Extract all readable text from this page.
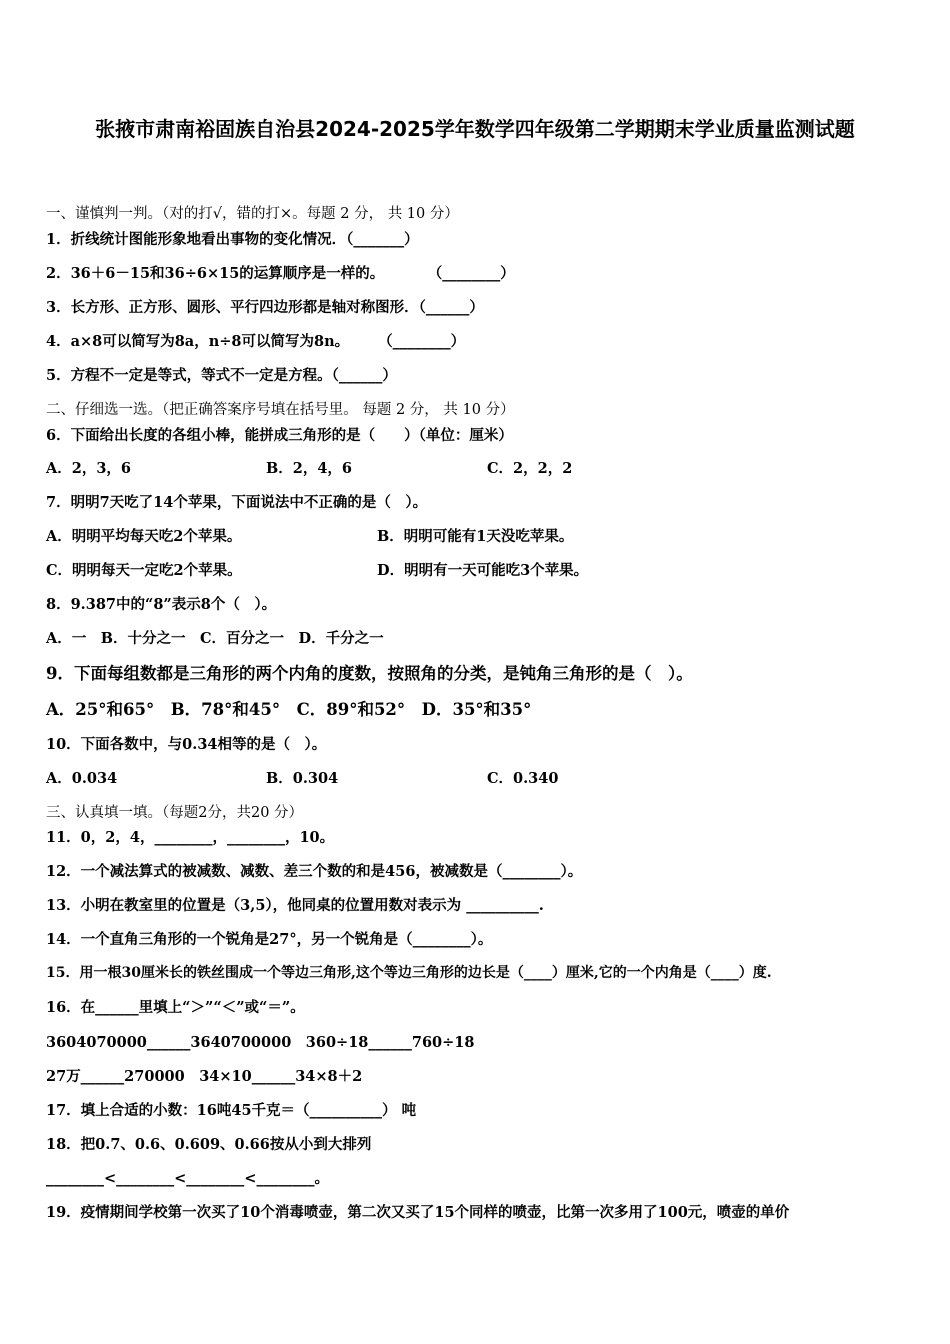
张掖市肃南裕固族自治县2024-2025学年数学四年级第二学期期末学业质量监测试题
一、谨慎判一判。（对的打√，错的打×。每题 2 分， 共 10 分）
1．折线统计图能形象地看出事物的变化情况．（_______）
2．36＋6－15和36÷6×15的运算顺序是一样的。　　　　（________）
3．长方形、正方形、圆形、平行四边形都是轴对称图形．（______）
4．a×8可以简写为8a，n÷8可以简写为8n。　　　（________）
5．方程不一定是等式，等式不一定是方程。（______）
二、仔细选一选。（把正确答案序号填在括号里。 每题 2 分， 共 10 分）
6．下面给出长度的各组小棒，能拼成三角形的是（　　）（单位：厘米）
A．2，3，6	B．2，4，6	C．2，2，2
7．明明7天吃了14个苹果，下面说法中不正确的是（　）。
A．明明平均每天吃2个苹果。	B．明明可能有1天没吃苹果。
C．明明每天一定吃2个苹果。	D．明明有一天可能吃3个苹果。
8．9.387中的“8”表示8个（　）。
A．一　B．十分之一　C．百分之一　D．千分之一
9．下面每组数都是三角形的两个内角的度数，按照角的分类，是钝角三角形的是（　）。
A．25°和65°　B．78°和45°　C．89°和52°　D．35°和35°
10．下面各数中，与0.34相等的是（　）。
A．0.034	B．0.304	C．0.340
三、认真填一填。（每题2分，共20 分）
11．0，2，4，________，________，10。
12．一个减法算式的被减数、减数、差三个数的和是456，被减数是（________）。
13．小明在教室里的位置是（3,5），他同桌的位置用数对表示为 __________.
14．一个直角三角形的一个锐角是27°，另一个锐角是（________）。
15．用一根30厘米长的铁丝围成一个等边三角形,这个等边三角形的边长是（____）厘米,它的一个内角是（____）度.
16．在______里填上“＞”“＜”或“＝”。
3604070000______3640700000　360÷18______760÷18
27万______270000　34×10______34×8＋2
17．填上合适的小数：16吨45千克＝（__________） 吨
18．把0.7、0.6、0.609、0.66按从小到大排列
________<________<________<________。
19．疫情期间学校第一次买了10个消毒喷壶，第二次又买了15个同样的喷壶，比第一次多用了100元，喷壶的单价
